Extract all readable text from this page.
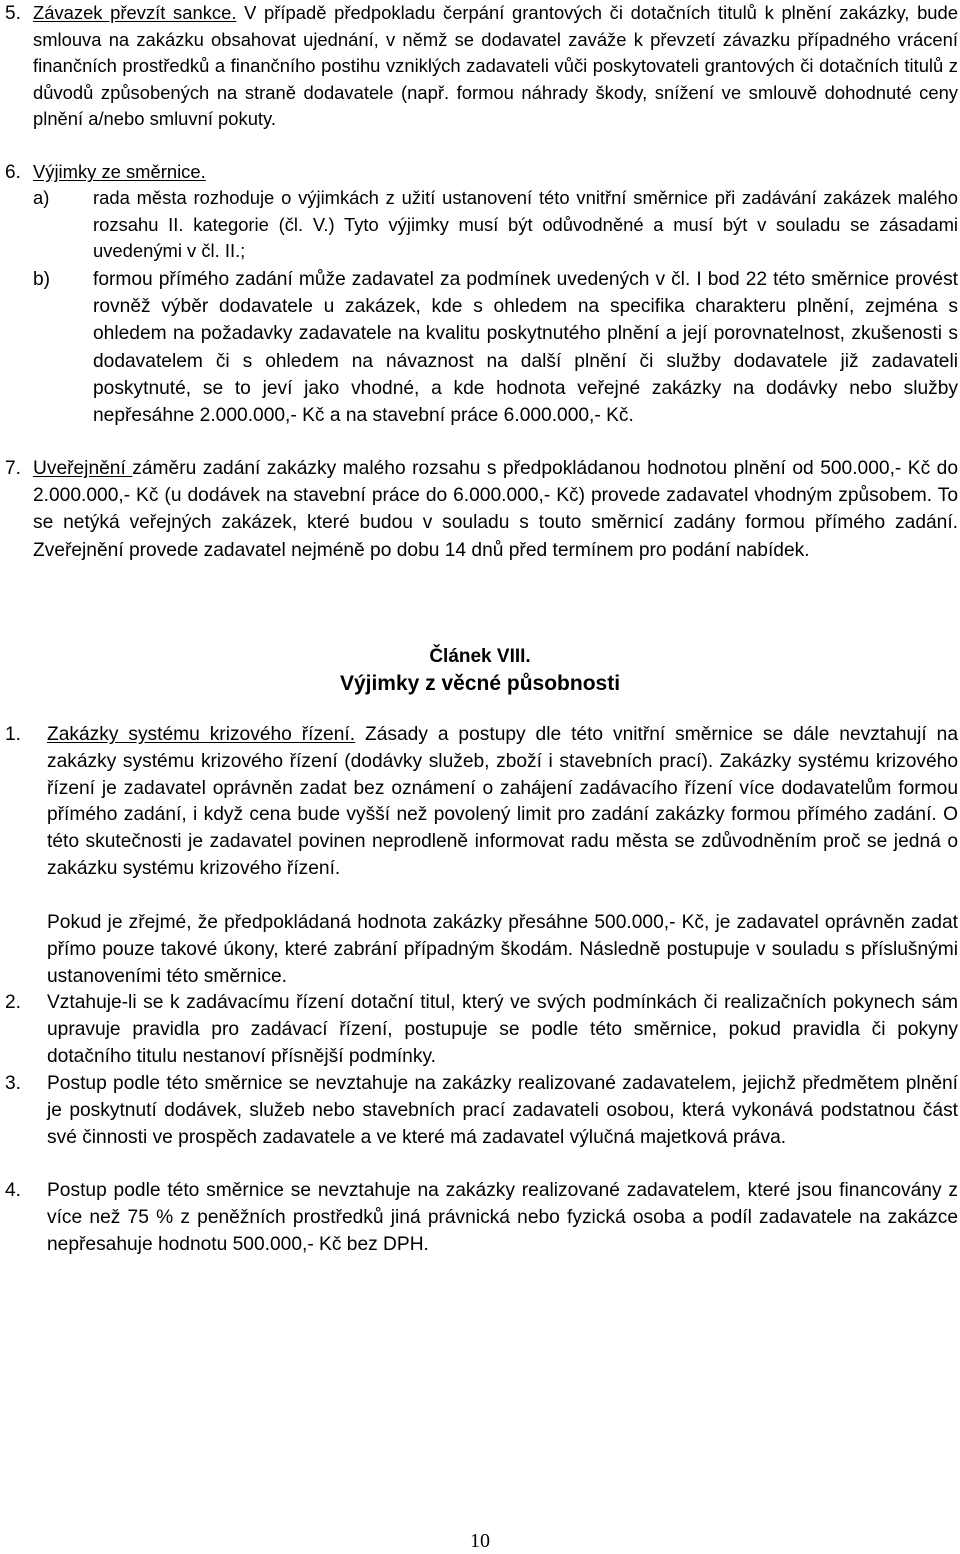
5. Závazek převzít sankce. V případě předpokladu čerpání grantových či dotačních titulů k plnění zakázky, bude smlouva na zakázku obsahovat ujednání, v němž se dodavatel zaváže k převzetí závazku případného vrácení finančních prostředků a finančního postihu vzniklých zadavateli vůči poskytovateli grantových či dotačních titulů z důvodů způsobených na straně dodavatele (např. formou náhrady škody, snížení ve smlouvě dohodnuté ceny plnění a/nebo smluvní pokuty.
6. Výjimky ze směrnice.
a) rada města rozhoduje o výjimkách z užití ustanovení této vnitřní směrnice při zadávání zakázek malého rozsahu II. kategorie (čl. V.) Tyto výjimky musí být odůvodněné a musí být v souladu se zásadami uvedenými v čl. II.;
b) formou přímého zadání může zadavatel za podmínek uvedených v čl. I bod 22 této směrnice provést rovněž výběr dodavatele u zakázek, kde s ohledem na specifika charakteru plnění, zejména s ohledem na požadavky zadavatele na kvalitu poskytnutého plnění a její porovnatelnost, zkušenosti s dodavatelem či s ohledem na návaznost na další plnění či služby dodavatele již zadavateli poskytnuté, se to jeví jako vhodné, a kde hodnota veřejné zakázky na dodávky nebo služby nepřesáhne 2.000.000,- Kč a na stavební práce 6.000.000,- Kč.
7. Uveřejnění záměru zadání zakázky malého rozsahu s předpokládanou hodnotou plnění od 500.000,- Kč do 2.000.000,- Kč (u dodávek na stavební práce do 6.000.000,- Kč) provede zadavatel vhodným způsobem. To se netýká veřejných zakázek, které budou v souladu s touto směrnicí zadány formou přímého zadání. Zveřejnění provede zadavatel nejméně po dobu 14 dnů před termínem pro podání nabídek.
Článek VIII.
Výjimky z věcné působnosti
1. Zakázky systému krizového řízení. Zásady a postupy dle této vnitřní směrnice se dále nevztahují na zakázky systému krizového řízení (dodávky služeb, zboží i stavebních prací). Zakázky systému krizového řízení je zadavatel oprávněn zadat bez oznámení o zahájení zadávacího řízení více dodavatelům formou přímého zadání, i když cena bude vyšší než povolený limit pro zadání zakázky formou přímého zadání. O této skutečnosti je zadavatel povinen neprodleně informovat radu města se zdůvodněním proč se jedná o zakázku systému krizového řízení.
Pokud je zřejmé, že předpokládaná hodnota zakázky přesáhne 500.000,- Kč, je zadavatel oprávněn zadat přímo pouze takové úkony, které zabrání případným škodám. Následně postupuje v souladu s příslušnými ustanoveními této směrnice.
2. Vztahuje-li se k zadávacímu řízení dotační titul, který ve svých podmínkách či realizačních pokynech sám upravuje pravidla pro zadávací řízení, postupuje se podle této směrnice, pokud pravidla či pokyny dotačního titulu nestanoví přísnější podmínky.
3. Postup podle této směrnice se nevztahuje na zakázky realizované zadavatelem, jejichž předmětem plnění je poskytnutí dodávek, služeb nebo stavebních prací zadavateli osobou, která vykonává podstatnou část své činnosti ve prospěch zadavatele a ve které má zadavatel výlučná majetková práva.
4. Postup podle této směrnice se nevztahuje na zakázky realizované zadavatelem, které jsou financovány z více než 75 % z peněžních prostředků jiná právnická nebo fyzická osoba a podíl zadavatele na zakázce nepřesahuje hodnotu 500.000,- Kč bez DPH.
10
